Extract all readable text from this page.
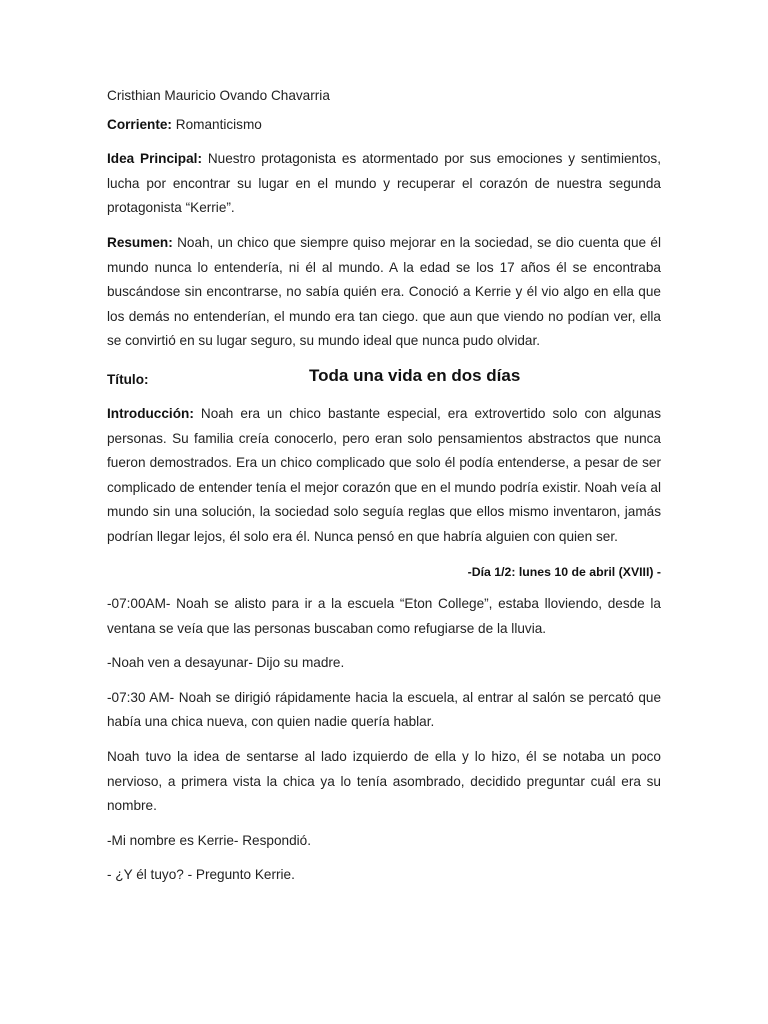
Cristhian Mauricio Ovando Chavarria

Corriente: Romanticismo

Idea Principal: Nuestro protagonista es atormentado por sus emociones y sentimientos, lucha por encontrar su lugar en el mundo y recuperar el corazón de nuestra segunda protagonista “Kerrie”.

Resumen: Noah, un chico que siempre quiso mejorar en la sociedad, se dio cuenta que él mundo nunca lo entendería, ni él al mundo. A la edad se los 17 años él se encontraba buscándose sin encontrarse, no sabía quién era. Conoció a Kerrie y él vio algo en ella que los demás no entenderían, el mundo era tan ciego. que aun que viendo no podían ver, ella se convirtió en su lugar seguro, su mundo ideal que nunca pudo olvidar.

Título:	Toda una vida en dos días

Introducción: Noah era un chico bastante especial, era extrovertido solo con algunas personas. Su familia creía conocerlo, pero eran solo pensamientos abstractos que nunca fueron demostrados. Era un chico complicado que solo él podía entenderse, a pesar de ser complicado de entender tenía el mejor corazón que en el mundo podría existir. Noah veía al mundo sin una solución, la sociedad solo seguía reglas que ellos mismo inventaron, jamás podrían llegar lejos, él solo era él. Nunca pensó en que habría alguien con quien ser.

-Día 1/2: lunes 10 de abril (XVIII) -

-07:00AM- Noah se alisto para ir a la escuela “Eton College”, estaba lloviendo, desde la ventana se veía que las personas buscaban como refugiarse de la lluvia.

-Noah ven a desayunar- Dijo su madre.

-07:30 AM- Noah se dirigió rápidamente hacia la escuela, al entrar al salón se percató que había una chica nueva, con quien nadie quería hablar.

Noah tuvo la idea de sentarse al lado izquierdo de ella y lo hizo, él se notaba un poco nervioso, a primera vista la chica ya lo tenía asombrado, decidido preguntar cuál era su nombre.

-Mi nombre es Kerrie- Respondió.

- ¿Y él tuyo? - Pregunto Kerrie.
